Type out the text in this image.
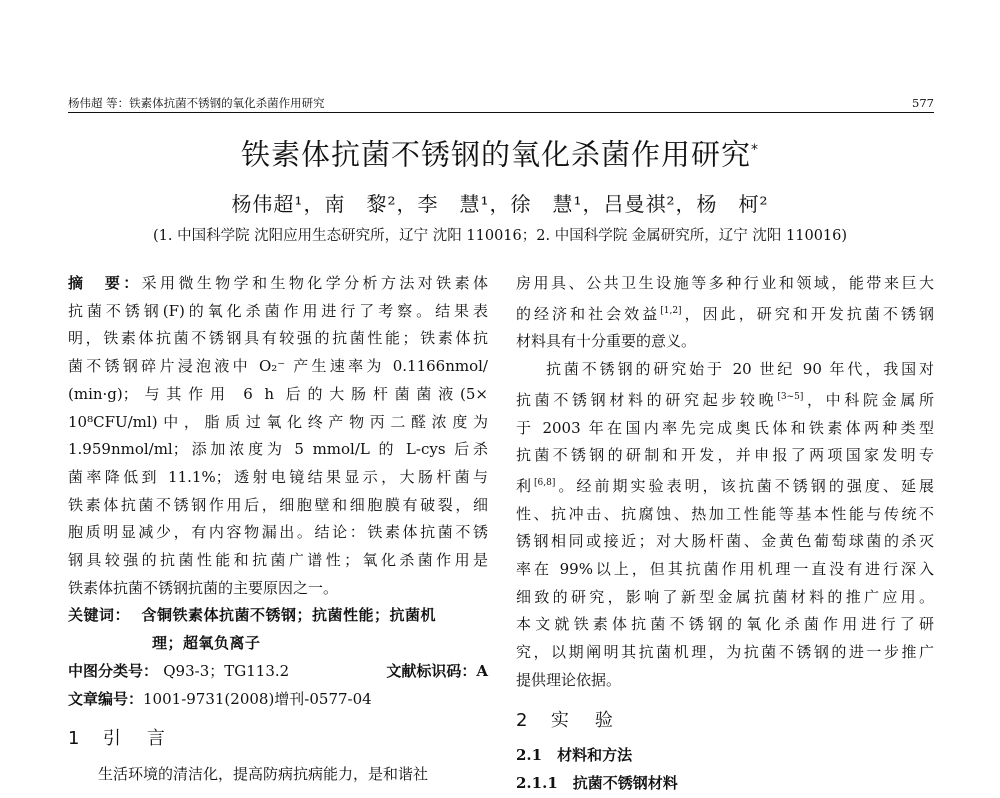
杨伟超 等：铁素体抗菌不锈钢的氧化杀菌作用研究	577

铁素体抗菌不锈钢的氧化杀菌作用研究*
杨伟超¹，南　黎²，李　慧¹，徐　慧¹，吕曼祺²，杨　柯²
(1. 中国科学院 沈阳应用生态研究所，辽宁 沈阳 110016；2. 中国科学院 金属研究所，辽宁 沈阳 110016)
摘　要：采用微生物学和生物化学分析方法对铁素体
抗菌不锈钢(F)的氧化杀菌作用进行了考察。结果表
明，铁素体抗菌不锈钢具有较强的抗菌性能；铁素体抗
菌不锈钢碎片浸泡液中 O₂⁻ 产生速率为 0.1166nmol/
(min·g)；与其作用 6 h 后的大肠杆菌菌液(5×
10⁸CFU/ml)中，脂质过氧化终产物丙二醛浓度为
1.959nmol/ml；添加浓度为 5 mmol/L 的 L-cys 后杀
菌率降低到 11.1%；透射电镜结果显示，大肠杆菌与
铁素体抗菌不锈钢作用后，细胞壁和细胞膜有破裂，细
胞质明显减少，有内容物漏出。结论：铁素体抗菌不锈
钢具较强的抗菌性能和抗菌广谱性；氧化杀菌作用是
铁素体抗菌不锈钢抗菌的主要原因之一。
关键词： 含铜铁素体抗菌不锈钢；抗菌性能；抗菌机
理；超氧负离子
中图分类号： Q93-3；TG113.2	文献标识码：A
文章编号：1001-9731(2008)增刊-0577-04
1 引　言
生活环境的清洁化，提高防病抗病能力，是和谐社
房用具、公共卫生设施等多种行业和领域，能带来巨大
的经济和社会效益[1,2]，因此，研究和开发抗菌不锈钢
材料具有十分重要的意义。
抗菌不锈钢的研究始于 20 世纪 90 年代，我国对
抗菌不锈钢材料的研究起步较晚[3~5]，中科院金属所
于 2003 年在国内率先完成奥氏体和铁素体两种类型
抗菌不锈钢的研制和开发，并申报了两项国家发明专
利[6,8]。经前期实验表明，该抗菌不锈钢的强度、延展
性、抗冲击、抗腐蚀、热加工性能等基本性能与传统不
锈钢相同或接近；对大肠杆菌、金黄色葡萄球菌的杀灭
率在 99%以上，但其抗菌作用机理一直没有进行深入
细致的研究，影响了新型金属抗菌材料的推广应用。
本文就铁素体抗菌不锈钢的氧化杀菌作用进行了研
究，以期阐明其抗菌机理，为抗菌不锈钢的进一步推广
提供理论依据。
2 实　验
2.1　材料和方法
2.1.1　抗菌不锈钢材料
